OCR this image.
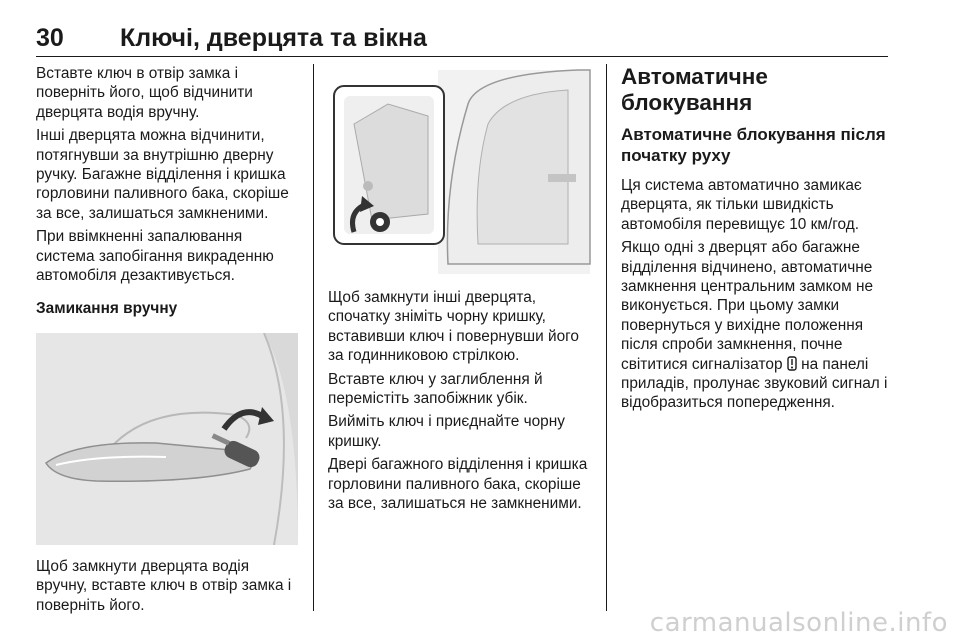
30 Ключі, дверцята та вікна

Вставте ключ в отвір замка і поверніть його, щоб відчинити дверцята водія вручну.

Інші дверцята можна відчинити, потягнувши за внутрішню дверну ручку. Багажне відділення і кришка горловини паливного бака, скоріше за все, залишаться замкненими.

При ввімкненні запалювання система запобігання викраденню автомобіля дезактивується.

Замикання вручну

Щоб замкнути дверцята водія вручну, вставте ключ в отвір замка і поверніть його.

Щоб замкнути інші дверцята, спочатку зніміть чорну кришку, вставивши ключ і повернувши його за годинниковою стрілкою.

Вставте ключ у заглиблення й перемістіть запобіжник убік.

Вийміть ключ і приєднайте чорну кришку.

Двері багажного відділення і кришка горловини паливного бака, скоріше за все, залишаться не замкненими.

Автоматичне блокування
Автоматичне блокування після початку руху

Ця система автоматично замикає дверцята, як тільки швидкість автомобіля перевищує 10 км/год.

Якщо одні з дверцят або багажне відділення відчинено, автоматичне замкнення центральним замком не виконується. При цьому замки повернуться у вихідне положення після спроби замкнення, почне світитися сигналізатор
на панелі приладів, пролунає звуковий сигнал і відобразиться попередження.

carmanualsonline.info
